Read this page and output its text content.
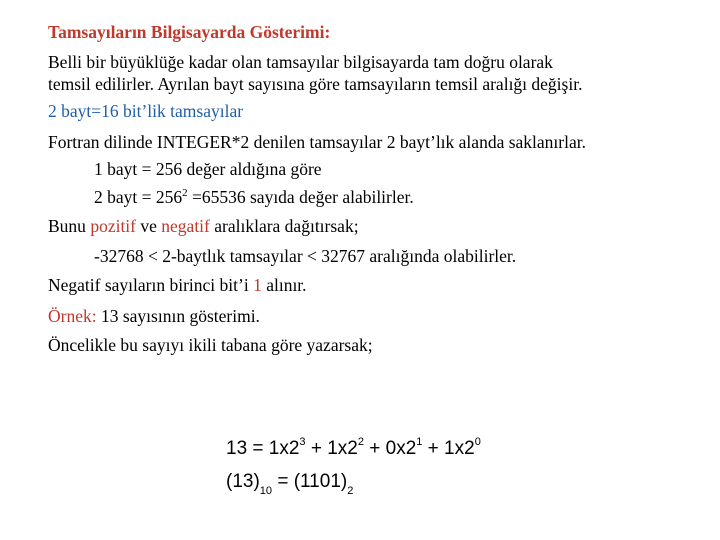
Tamsayıların Bilgisayarda Gösterimi:
Belli bir büyüklüğe kadar olan tamsayılar bilgisayarda tam doğru olarak
temsil edilirler. Ayrılan bayt sayısına göre tamsayıların temsil aralığı değişir.
2 bayt=16 bit’lik tamsayılar
Fortran dilinde INTEGER*2 denilen tamsayılar 2 bayt’lık alanda saklanırlar.
1 bayt = 256 değer aldığına göre
2 bayt = $256^2 =65536$ sayıda değer alabilirler.
Bunu pozitif ve negatif aralıklara dağıtırsak;
-32768 < 2-baytlık tamsayılar < 32767 aralığında olabilirler.
Negatif sayıların birinci bit’i 1 alınır.
Örnek: 13 sayısının gösterimi.
Öncelikle bu sayıyı ikili tabana göre yazarsak;
$13 = 1x2^3 + 1x2^2 + 0x2^1 + 1x2^0$
$(13)_{10} = (1101)_2$
